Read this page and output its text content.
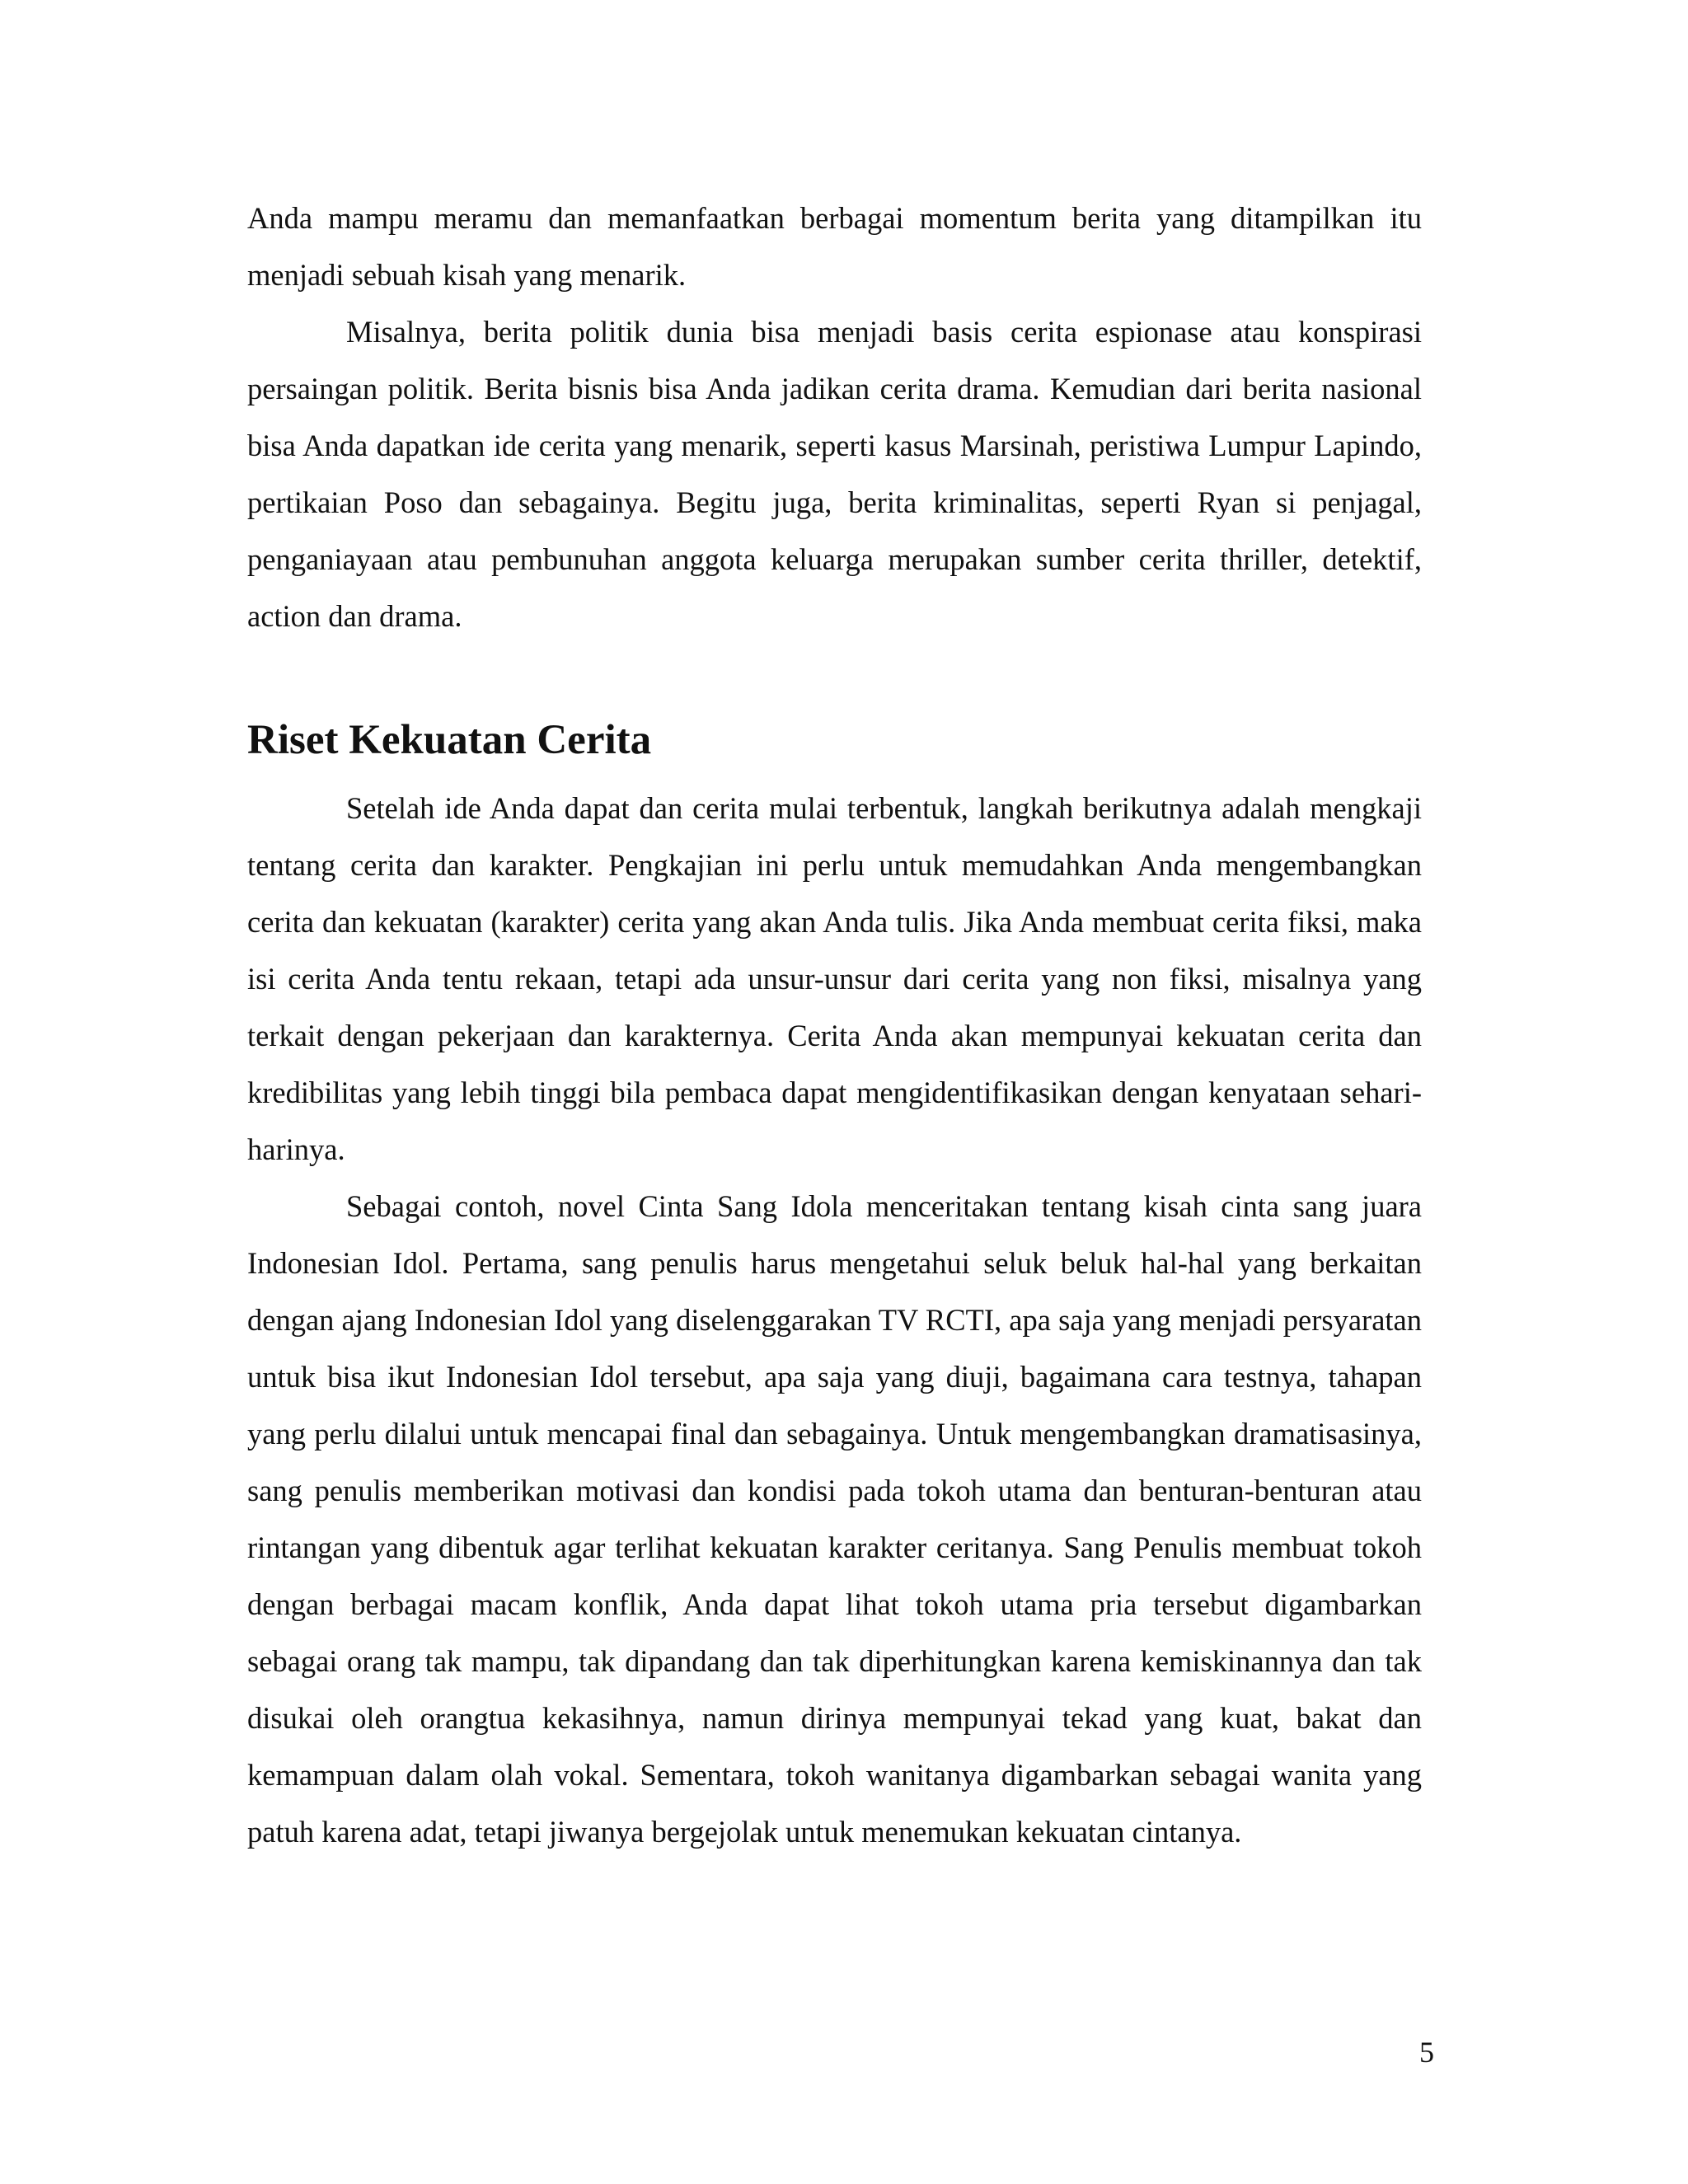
Anda mampu meramu dan memanfaatkan berbagai momentum berita yang ditampilkan itu menjadi sebuah kisah yang menarik.

Misalnya, berita politik dunia bisa menjadi basis cerita espionase atau konspirasi persaingan politik. Berita bisnis bisa Anda jadikan cerita drama. Kemudian dari berita nasional bisa Anda dapatkan ide cerita yang menarik, seperti kasus Marsinah, peristiwa Lumpur Lapindo, pertikaian Poso dan sebagainya. Begitu juga, berita kriminalitas, seperti Ryan si penjagal, penganiayaan atau pembunuhan anggota keluarga merupakan sumber cerita thriller, detektif, action dan drama.

Riset Kekuatan Cerita

Setelah ide Anda dapat dan cerita mulai terbentuk, langkah berikutnya adalah mengkaji tentang cerita dan karakter. Pengkajian ini perlu untuk memudahkan Anda mengembangkan cerita dan kekuatan (karakter) cerita yang akan Anda tulis. Jika Anda membuat cerita fiksi, maka isi cerita Anda tentu rekaan, tetapi ada unsur-unsur dari cerita yang non fiksi, misalnya yang terkait dengan pekerjaan dan karakternya. Cerita Anda akan mempunyai kekuatan cerita dan kredibilitas yang lebih tinggi bila pembaca dapat mengidentifikasikan dengan kenyataan sehari-harinya.

Sebagai contoh, novel Cinta Sang Idola menceritakan tentang kisah cinta sang juara Indonesian Idol. Pertama, sang penulis harus mengetahui seluk beluk hal-hal yang berkaitan dengan ajang Indonesian Idol yang diselenggarakan TV RCTI, apa saja yang menjadi persyaratan untuk bisa ikut Indonesian Idol tersebut, apa saja yang diuji, bagaimana cara testnya, tahapan yang perlu dilalui untuk mencapai final dan sebagainya. Untuk mengembangkan dramatisasinya, sang penulis memberikan motivasi dan kondisi pada tokoh utama dan benturan-benturan atau rintangan yang dibentuk agar terlihat kekuatan karakter ceritanya. Sang Penulis membuat tokoh dengan berbagai macam konflik, Anda dapat lihat tokoh utama pria tersebut digambarkan sebagai orang tak mampu, tak dipandang dan tak diperhitungkan karena kemiskinannya dan tak disukai oleh orangtua kekasihnya, namun dirinya mempunyai tekad yang kuat, bakat dan kemampuan dalam olah vokal. Sementara, tokoh wanitanya digambarkan sebagai wanita yang patuh karena adat, tetapi jiwanya bergejolak untuk menemukan kekuatan cintanya.

5
